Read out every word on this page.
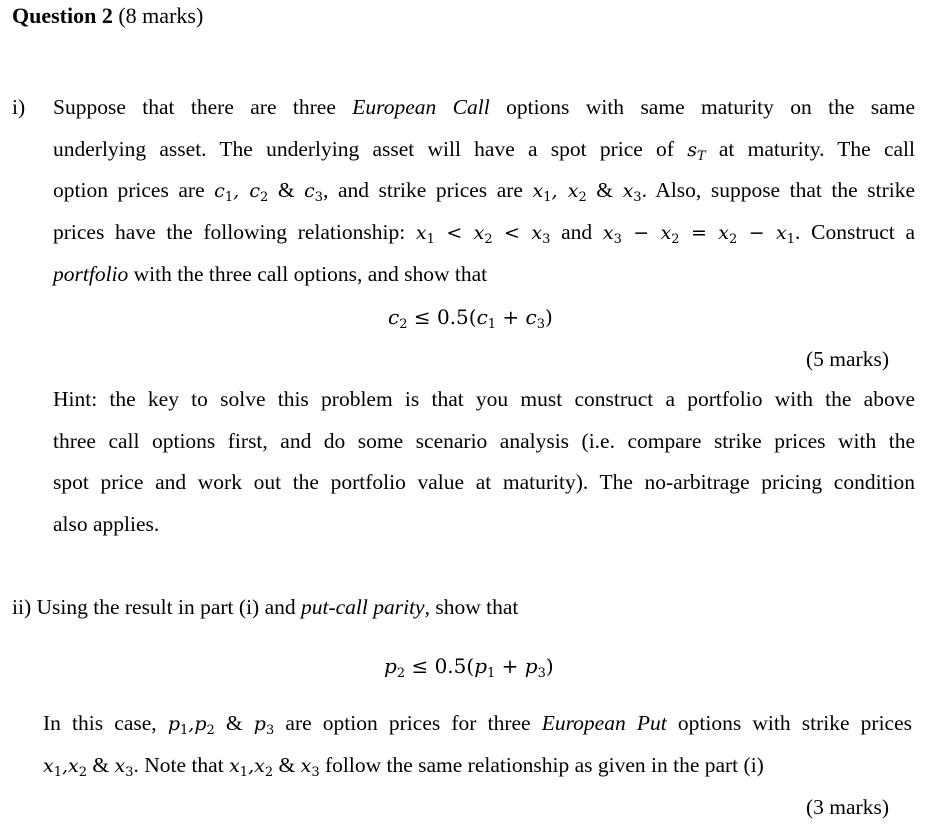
Question 2 (8 marks)
i) Suppose that there are three European Call options with same maturity on the same
underlying asset. The underlying asset will have a spot price of $s_T$ at maturity. The call
option prices are $c_1$, $c_2$ & $c_3$, and strike prices are $x_1$, $x_2$ & $x_3$. Also, suppose that the strike
prices have the following relationship: $x_1 < x_2 < x_3$ and $x_3 - x_2 = x_2 - x_1$. Construct a
portfolio with the three call options, and show that
$c_2 \le 0.5(c_1 + c_3)$
(5 marks)
Hint: the key to solve this problem is that you must construct a portfolio with the above
three call options first, and do some scenario analysis (i.e. compare strike prices with the
spot price and work out the portfolio value at maturity). The no-arbitrage pricing condition
also applies.
ii) Using the result in part (i) and put-call parity, show that
$p_2 \le 0.5(p_1 + p_3)$
In this case, $p_1,p_2$ & $p_3$ are option prices for three European Put options with strike prices
$x_1,x_2$ & $x_3$. Note that $x_1,x_2$ & $x_3$ follow the same relationship as given in the part (i)
(3 marks)
